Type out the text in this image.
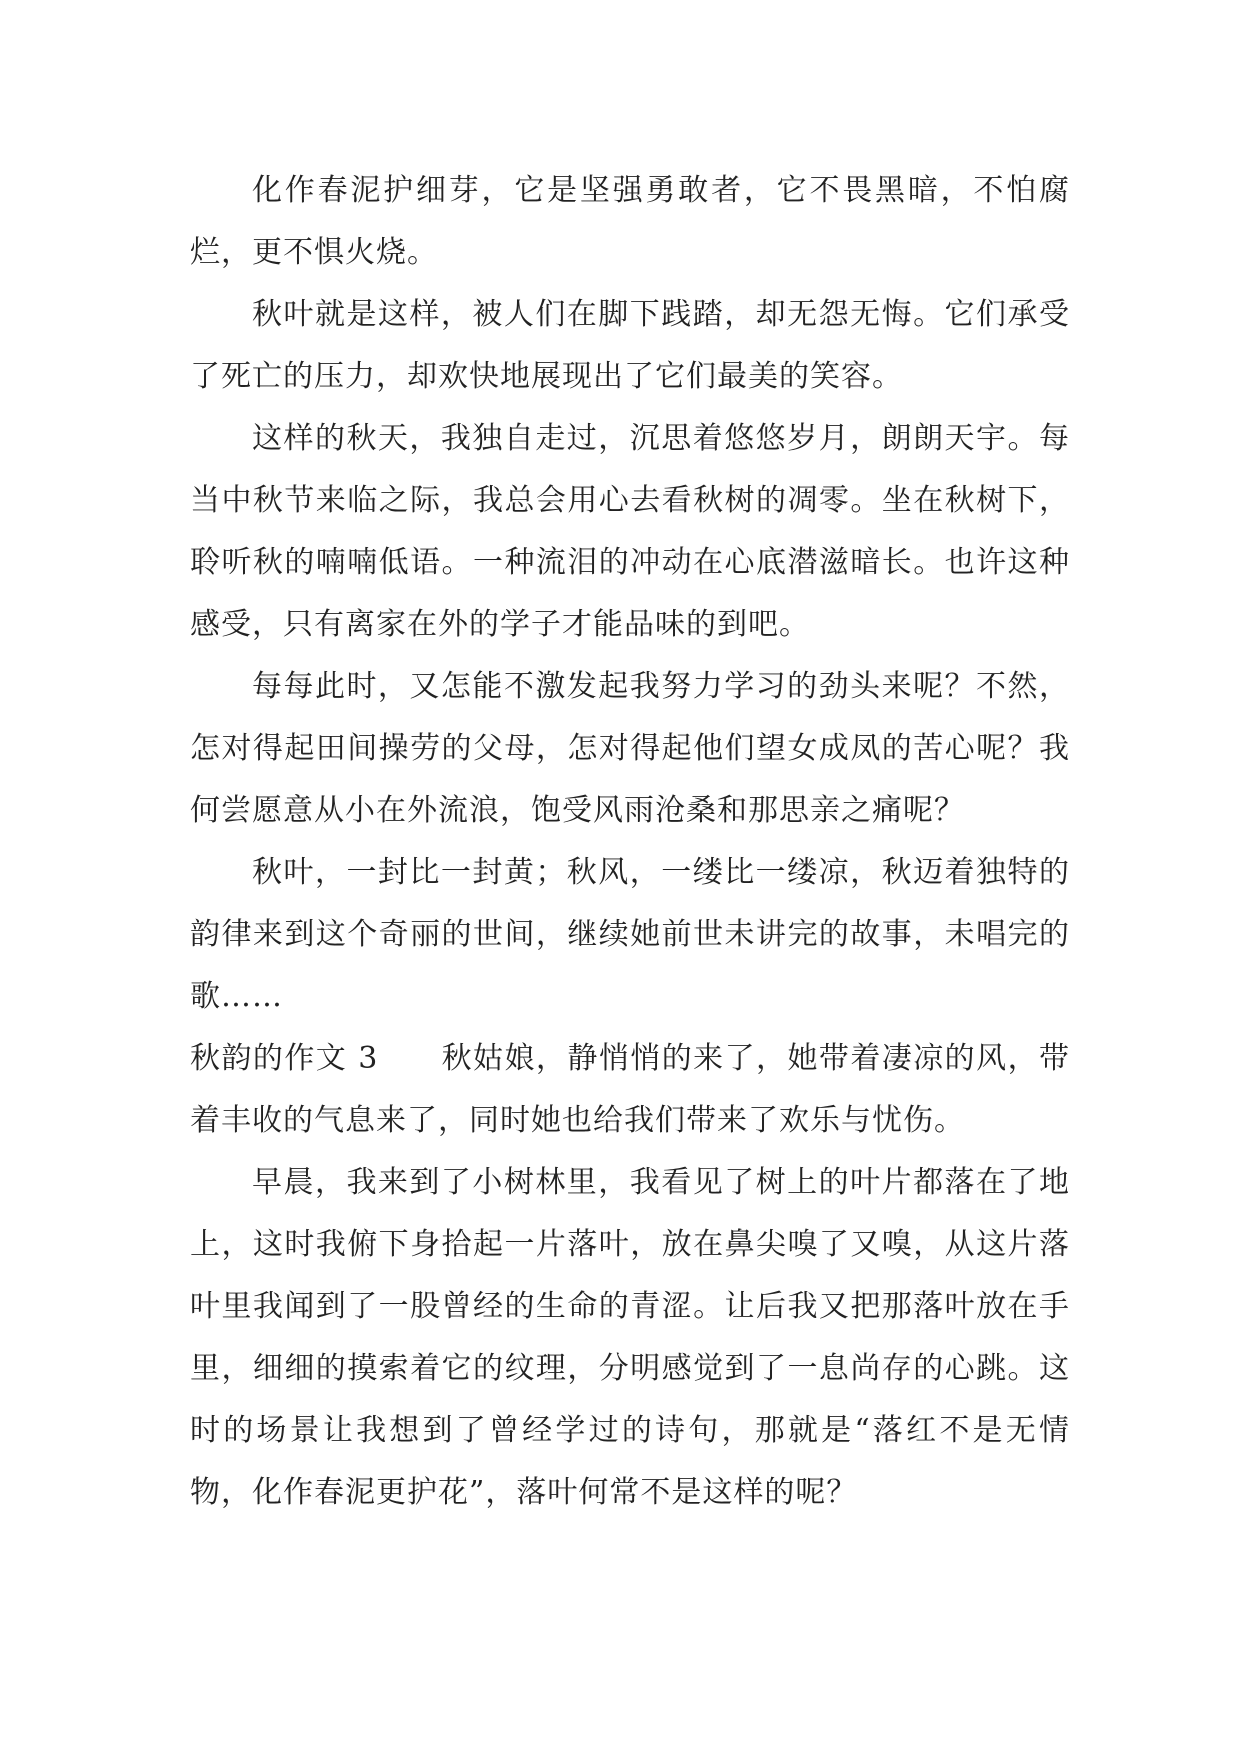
化作春泥护细芽，它是坚强勇敢者，它不畏黑暗，不怕腐烂，更不惧火烧。

秋叶就是这样，被人们在脚下践踏，却无怨无悔。它们承受了死亡的压力，却欢快地展现出了它们最美的笑容。

这样的秋天，我独自走过，沉思着悠悠岁月，朗朗天宇。每当中秋节来临之际，我总会用心去看秋树的凋零。坐在秋树下，聆听秋的喃喃低语。一种流泪的冲动在心底潜滋暗长。也许这种感受，只有离家在外的学子才能品味的到吧。

每每此时，又怎能不激发起我努力学习的劲头来呢？不然，怎对得起田间操劳的父母，怎对得起他们望女成凤的苦心呢？我何尝愿意从小在外流浪，饱受风雨沧桑和那思亲之痛呢？

秋叶，一封比一封黄；秋风，一缕比一缕凉，秋迈着独特的韵律来到这个奇丽的世间，继续她前世未讲完的故事，未唱完的歌……

秋韵的作文 3　　 秋姑娘，静悄悄的来了，她带着凄凉的风，带着丰收的气息来了，同时她也给我们带来了欢乐与忧伤。

早晨，我来到了小树林里，我看见了树上的叶片都落在了地上，这时我俯下身拾起一片落叶，放在鼻尖嗅了又嗅，从这片落叶里我闻到了一股曾经的生命的青涩。让后我又把那落叶放在手里，细细的摸索着它的纹理，分明感觉到了一息尚存的心跳。这时的场景让我想到了曾经学过的诗句，那就是“落红不是无情物，化作春泥更护花”，落叶何常不是这样的呢？
